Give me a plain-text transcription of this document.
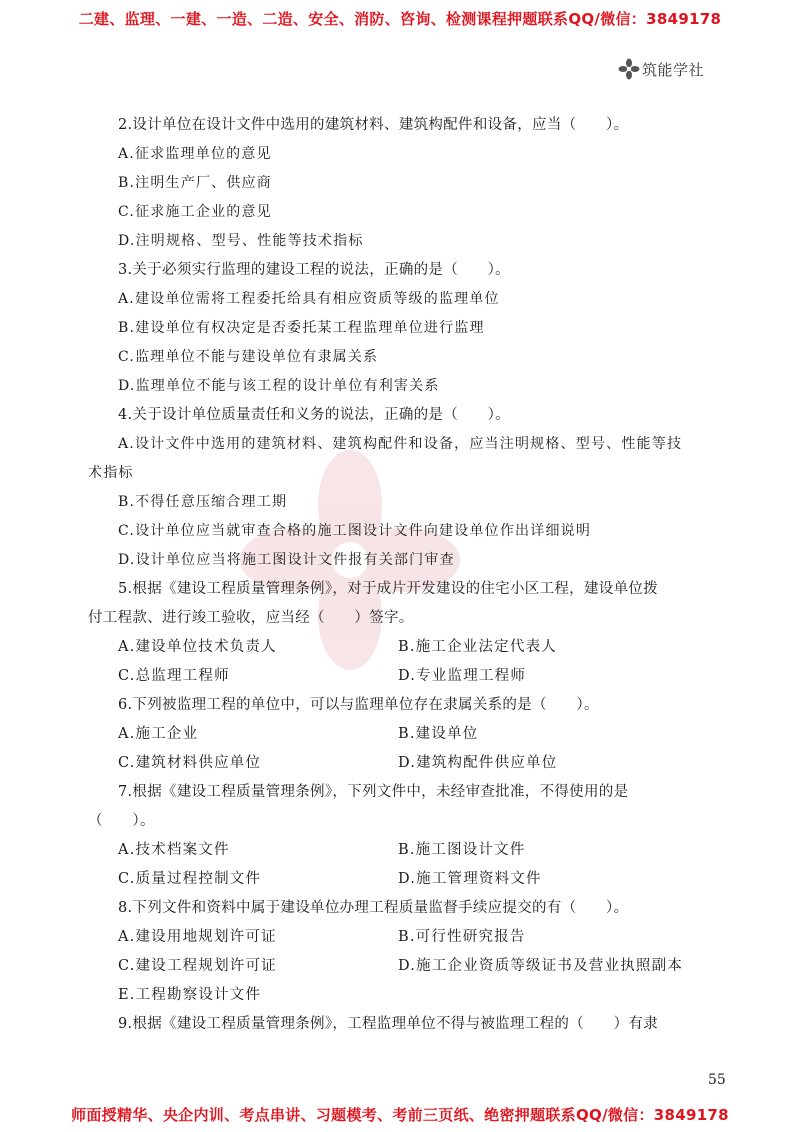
二建、监理、一建、一造、二造、安全、消防、咨询、检测课程押题联系QQ/微信：3849178
筑能学社
2.设计单位在设计文件中选用的建筑材料、建筑构配件和设备，应当（　　）。
A.征求监理单位的意见
B.注明生产厂、供应商
C.征求施工企业的意见
D.注明规格、型号、性能等技术指标
3.关于必须实行监理的建设工程的说法，正确的是（　　）。
A.建设单位需将工程委托给具有相应资质等级的监理单位
B.建设单位有权决定是否委托某工程监理单位进行监理
C.监理单位不能与建设单位有隶属关系
D.监理单位不能与该工程的设计单位有利害关系
4.关于设计单位质量责任和义务的说法，正确的是（　　）。
A.设计文件中选用的建筑材料、建筑构配件和设备，应当注明规格、型号、性能等技
术指标
B.不得任意压缩合理工期
C.设计单位应当就审查合格的施工图设计文件向建设单位作出详细说明
D.设计单位应当将施工图设计文件报有关部门审查
5.根据《建设工程质量管理条例》，对于成片开发建设的住宅小区工程，建设单位拨
付工程款、进行竣工验收，应当经（　　）签字。
A.建设单位技术负责人	B.施工企业法定代表人
C.总监理工程师	D.专业监理工程师
6.下列被监理工程的单位中，可以与监理单位存在隶属关系的是（　　）。
A.施工企业	B.建设单位
C.建筑材料供应单位	D.建筑构配件供应单位
7.根据《建设工程质量管理条例》，下列文件中，未经审查批准，不得使用的是
（　　）。
A.技术档案文件	B.施工图设计文件
C.质量过程控制文件	D.施工管理资料文件
8.下列文件和资料中属于建设单位办理工程质量监督手续应提交的有（　　）。
A.建设用地规划许可证	B.可行性研究报告
C.建设工程规划许可证	D.施工企业资质等级证书及营业执照副本
E.工程勘察设计文件
9.根据《建设工程质量管理条例》，工程监理单位不得与被监理工程的（　　）有隶
55
师面授精华、央企内训、考点串讲、习题模考、考前三页纸、绝密押题联系QQ/微信：3849178
